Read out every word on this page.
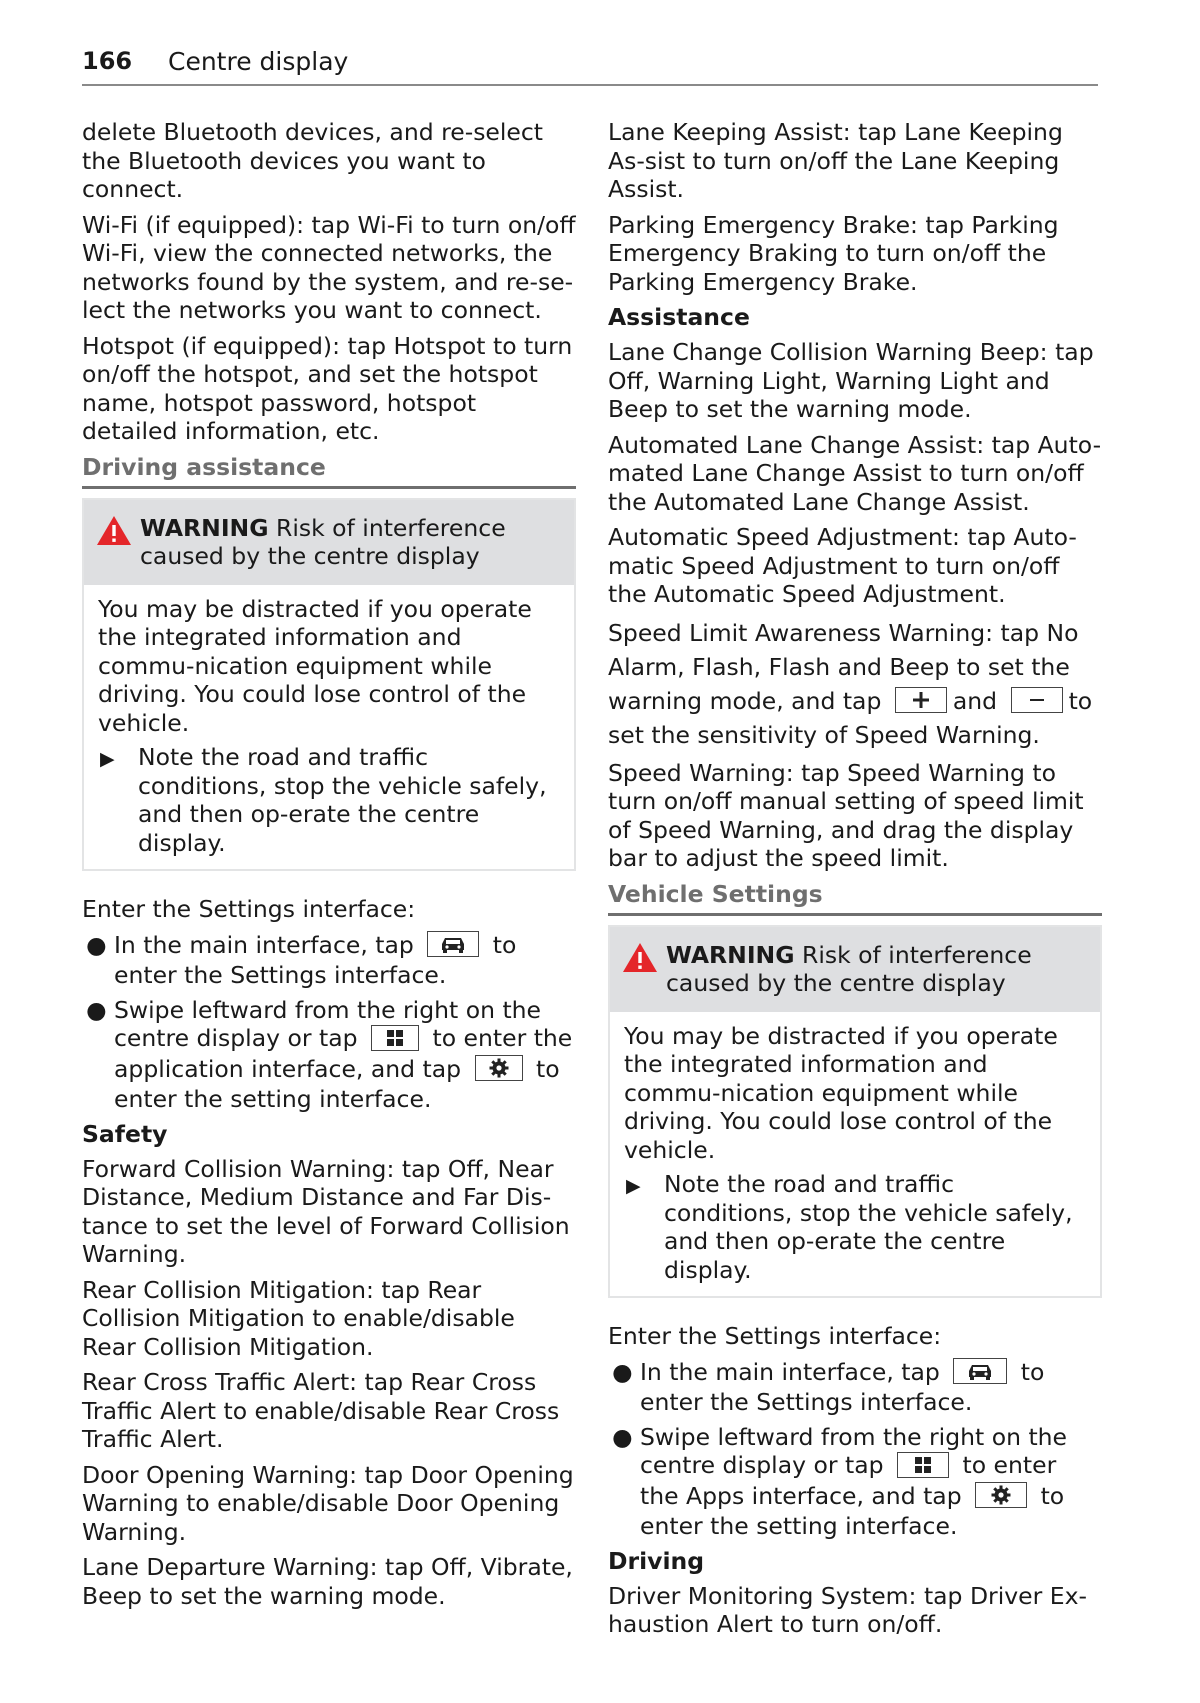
166 Centre display

delete Bluetooth devices, and re-select the Bluetooth devices you want to connect.

Wi-Fi (if equipped): tap Wi-Fi to turn on/off Wi-Fi, view the connected networks, the networks found by the system, and re-se-lect the networks you want to connect.

Hotspot (if equipped): tap Hotspot to turn on/off the hotspot, and set the hotspot name, hotspot password, hotspot detailed information, etc.

Driving assistance
WARNING Risk of interference caused by the centre display

You may be distracted if you operate the integrated information and commu-nication equipment while driving. You could lose control of the vehicle.

▶ Note the road and traffic conditions, stop the vehicle safely, and then op-erate the centre display.

Enter the Settings interface:

● In the main interface, tap	to enter the Settings interface.
● Swipe leftward from the right on the centre display or tap	to enter the application interface, and tap	to enter the setting interface.
Safety

Forward Collision Warning: tap Off, Near Distance, Medium Distance and Far Dis-tance to set the level of Forward Collision Warning.

Rear Collision Mitigation: tap Rear Collision Mitigation to enable/disable Rear Collision Mitigation.

Rear Cross Traffic Alert: tap Rear Cross Traffic Alert to enable/disable Rear Cross Traffic Alert.

Door Opening Warning: tap Door Opening Warning to enable/disable Door Opening Warning.

Lane Departure Warning: tap Off, Vibrate, Beep to set the warning mode.

Lane Keeping Assist: tap Lane Keeping As-sist to turn on/off the Lane Keeping Assist.

Parking Emergency Brake: tap Parking Emergency Braking to turn on/off the Parking Emergency Brake.

Assistance

Lane Change Collision Warning Beep: tap Off, Warning Light, Warning Light and Beep to set the warning mode.

Automated Lane Change Assist: tap Auto-mated Lane Change Assist to turn on/off the Automated Lane Change Assist.

Automatic Speed Adjustment: tap Auto-matic Speed Adjustment to turn on/off the Automatic Speed Adjustment.

Speed Limit Awareness Warning: tap No Alarm, Flash, Flash and Beep to set the warning mode, and tap	and	to set the sensitivity of Speed Warning.

Speed Warning: tap Speed Warning to turn on/off manual setting of speed limit of Speed Warning, and drag the display bar to adjust the speed limit.

Vehicle Settings
WARNING Risk of interference caused by the centre display

You may be distracted if you operate the integrated information and commu-nication equipment while driving. You could lose control of the vehicle.

▶ Note the road and traffic conditions, stop the vehicle safely, and then op-erate the centre display.

Enter the Settings interface:

● In the main interface, tap	to enter the Settings interface.
● Swipe leftward from the right on the centre display or tap	to enter the Apps interface, and tap	to enter the setting interface.
Driving

Driver Monitoring System: tap Driver Ex-haustion Alert to turn on/off.
